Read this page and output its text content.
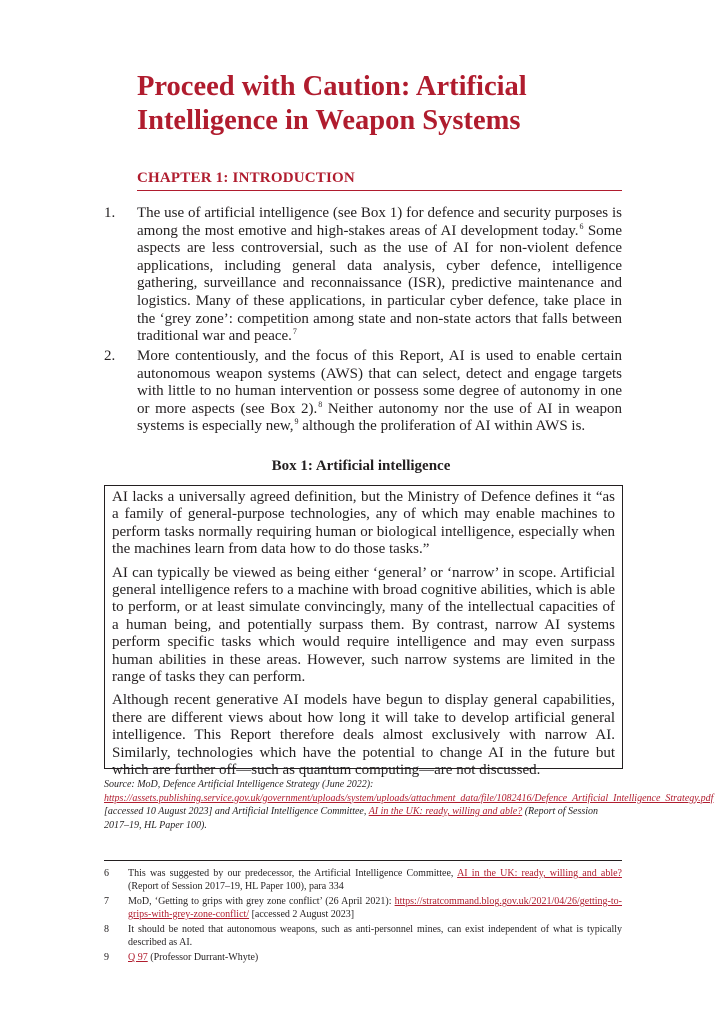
Proceed with Caution: Artificial Intelligence in Weapon Systems
CHAPTER 1: INTRODUCTION
1. The use of artificial intelligence (see Box 1) for defence and security purposes is among the most emotive and high-stakes areas of AI development today.$^6$ Some aspects are less controversial, such as the use of AI for non-violent defence applications, including general data analysis, cyber defence, intelligence gathering, surveillance and reconnaissance (ISR), predictive maintenance and logistics. Many of these applications, in particular cyber defence, take place in the ‘grey zone’: competition among state and non-state actors that falls between traditional war and peace.$^7$
2. More contentiously, and the focus of this Report, AI is used to enable certain autonomous weapon systems (AWS) that can select, detect and engage targets with little to no human intervention or possess some degree of autonomy in one or more aspects (see Box 2).$^8$ Neither autonomy nor the use of AI in weapon systems is especially new,$^9$ although the proliferation of AI within AWS is.
Box 1: Artificial intelligence

AI lacks a universally agreed definition, but the Ministry of Defence defines it “as a family of general-purpose technologies, any of which may enable machines to perform tasks normally requiring human or biological intelligence, especially when the machines learn from data how to do those tasks.”

AI can typically be viewed as being either ‘general’ or ‘narrow’ in scope. Artificial general intelligence refers to a machine with broad cognitive abilities, which is able to perform, or at least simulate convincingly, many of the intellectual capacities of a human being, and potentially surpass them. By contrast, narrow AI systems perform specific tasks which would require intelligence and may even surpass human abilities in these areas. However, such narrow systems are limited in the range of tasks they can perform.

Although recent generative AI models have begun to display general capabilities, there are different views about how long it will take to develop artificial general intelligence. This Report therefore deals almost exclusively with narrow AI. Similarly, technologies which have the potential to change AI in the future but which are further off—such as quantum computing—are not discussed.

Source: MoD, Defence Artificial Intelligence Strategy (June 2022): https://assets.publishing.service.gov.uk/government/uploads/system/uploads/attachment_data/file/1082416/Defence_Artificial_Intelligence_Strategy.pdf [accessed 10 August 2023] and Artificial Intelligence Committee, AI in the UK: ready, willing and able? (Report of Session 2017–19, HL Paper 100).
6 This was suggested by our predecessor, the Artificial Intelligence Committee, AI in the UK: ready, willing and able? (Report of Session 2017–19, HL Paper 100), para 334
7 MoD, ‘Getting to grips with grey zone conflict’ (26 April 2021): https://stratcommand.blog.gov.uk/2021/04/26/getting-to-grips-with-grey-zone-conflict/ [accessed 2 August 2023]
8 It should be noted that autonomous weapons, such as anti-personnel mines, can exist independent of what is typically described as AI.
9 Q 97 (Professor Durrant-Whyte)
